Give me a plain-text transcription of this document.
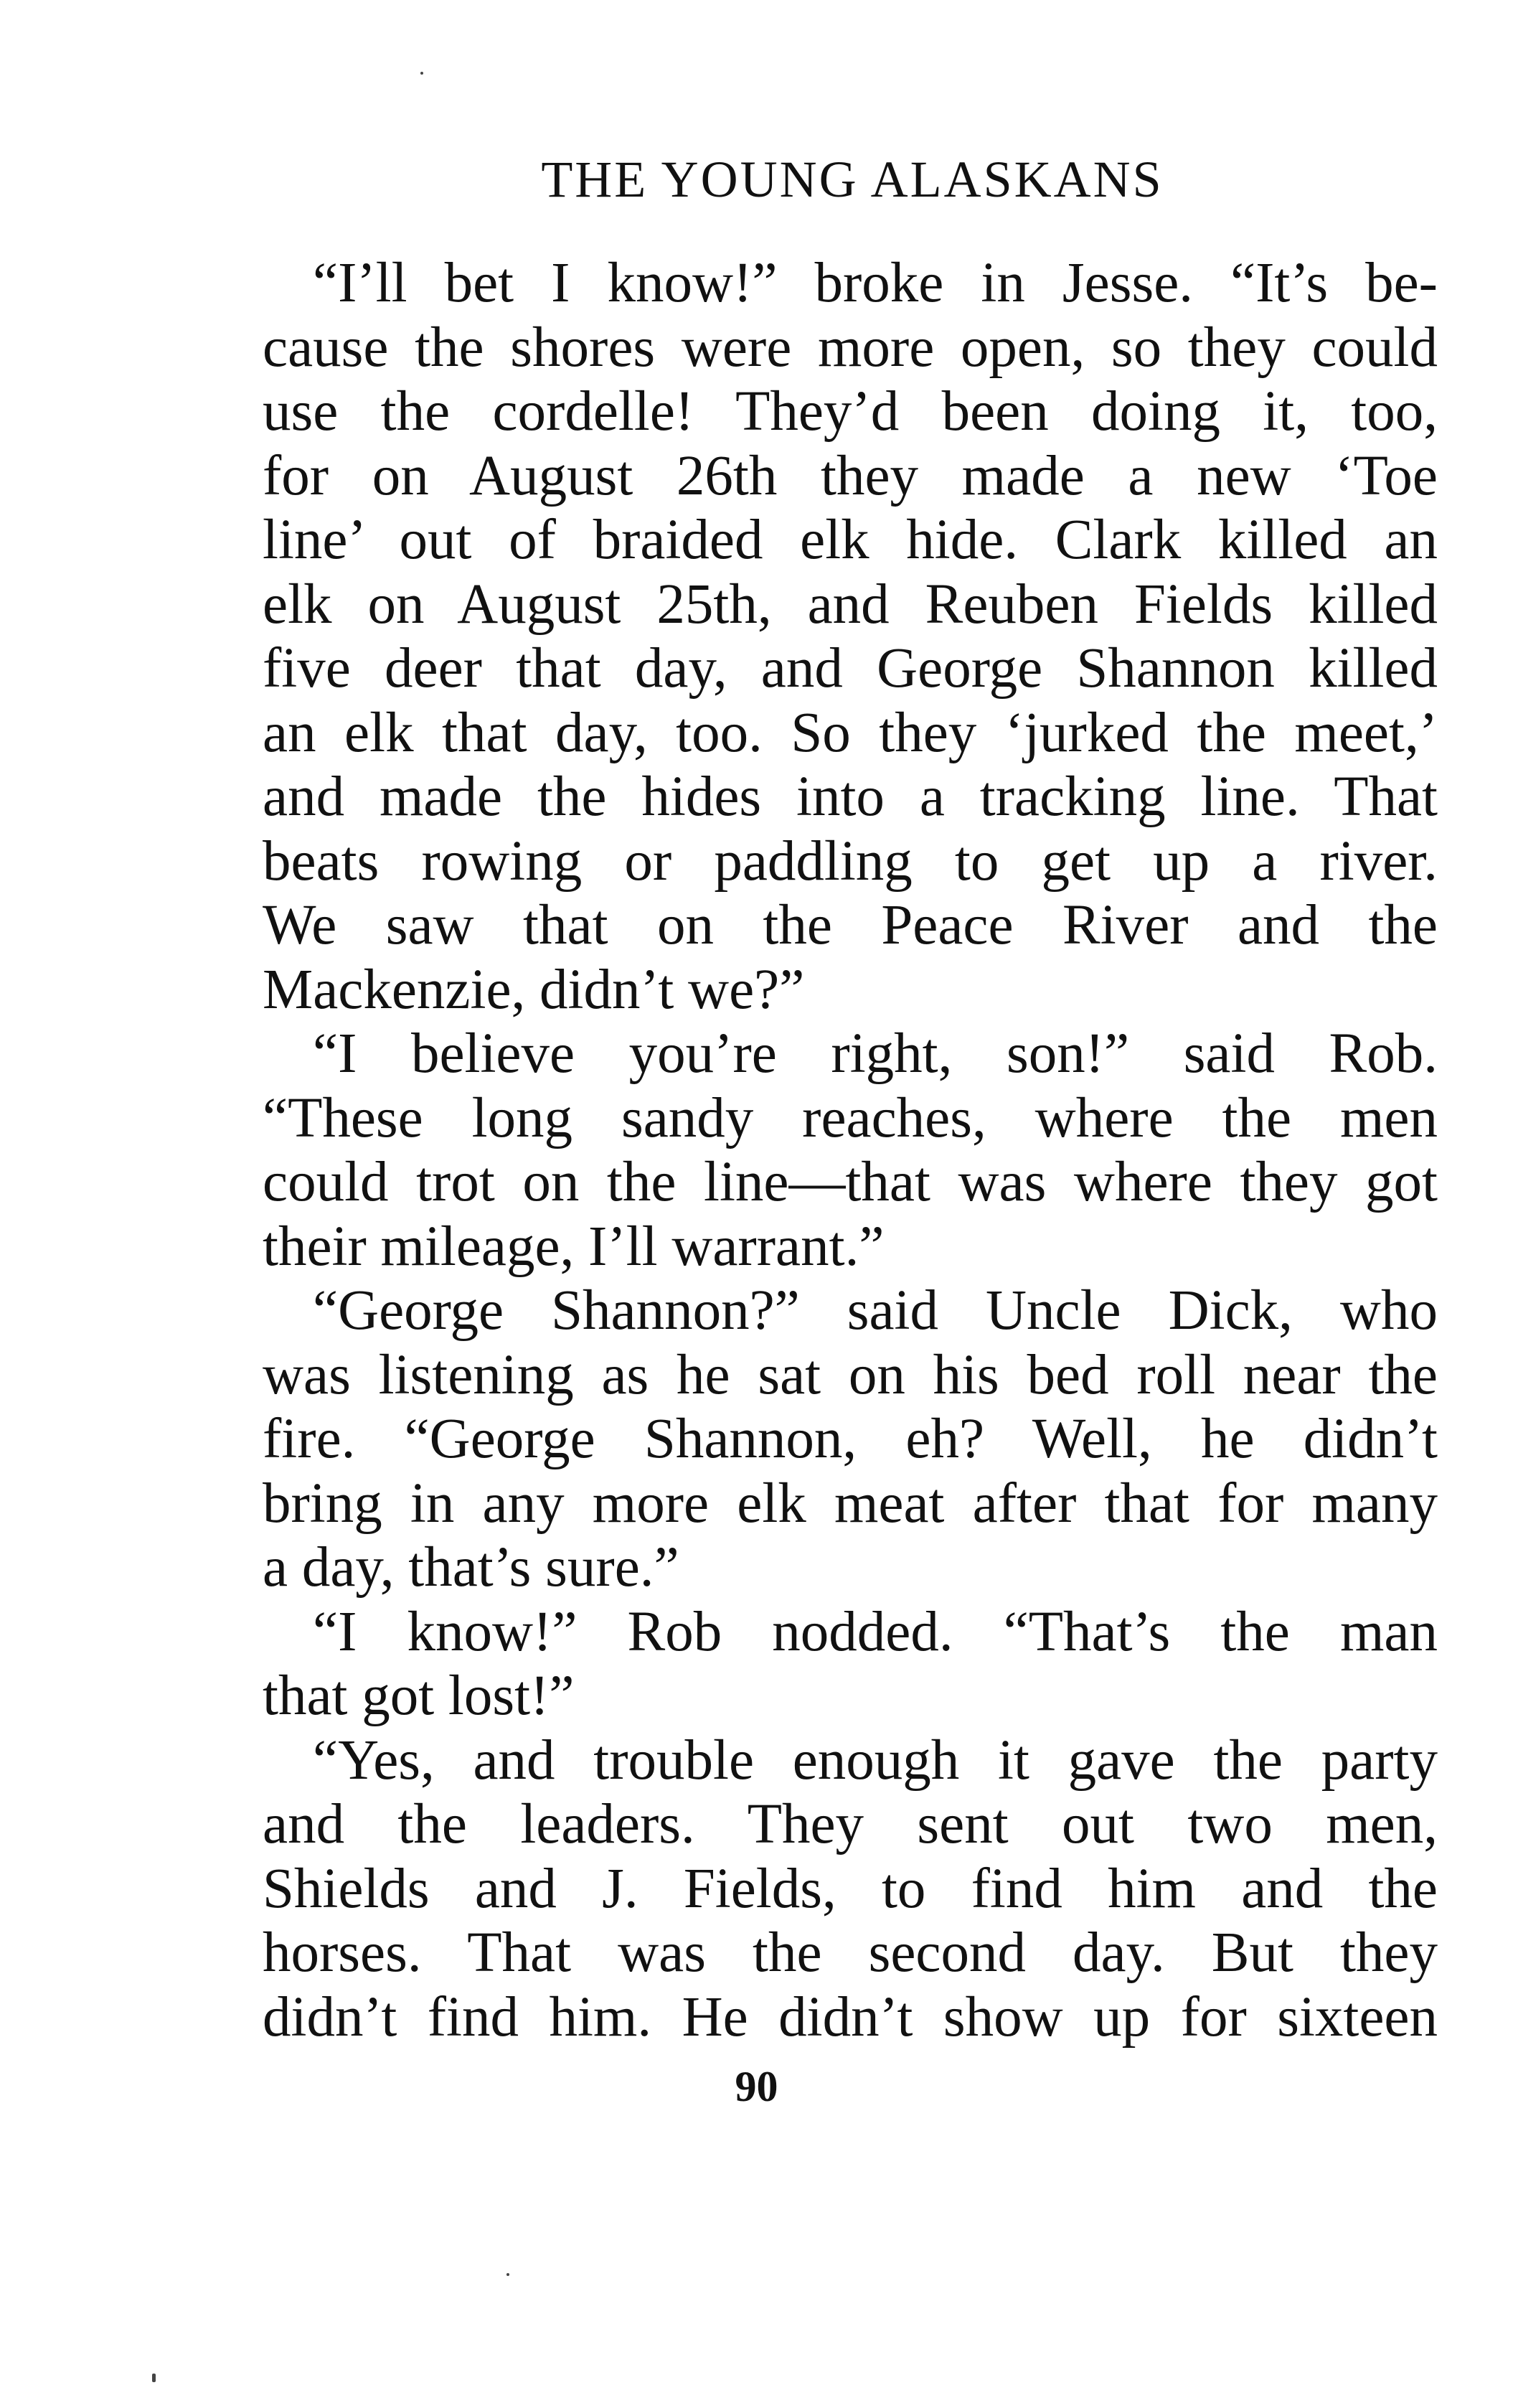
THE YOUNG ALASKANS
“I’ll bet I know!” broke in Jesse. “It’s be-
cause the shores were more open, so they could
use the cordelle! They’d been doing it, too,
for on August 26th they made a new ‘Toe
line’ out of braided elk hide. Clark killed an
elk on August 25th, and Reuben Fields killed
five deer that day, and George Shannon killed
an elk that day, too. So they ‘jurked the meet,’
and made the hides into a tracking line. That
beats rowing or paddling to get up a river.
We saw that on the Peace River and the
Mackenzie, didn’t we?”
“I believe you’re right, son!” said Rob.
“These long sandy reaches, where the men
could trot on the line—that was where they got
their mileage, I’ll warrant.”
“George Shannon?” said Uncle Dick, who
was listening as he sat on his bed roll near the
fire. “George Shannon, eh? Well, he didn’t
bring in any more elk meat after that for many
a day, that’s sure.”
“I know!” Rob nodded. “That’s the man
that got lost!”
“Yes, and trouble enough it gave the party
and the leaders. They sent out two men,
Shields and J. Fields, to find him and the
horses. That was the second day. But they
didn’t find him. He didn’t show up for sixteen
90
